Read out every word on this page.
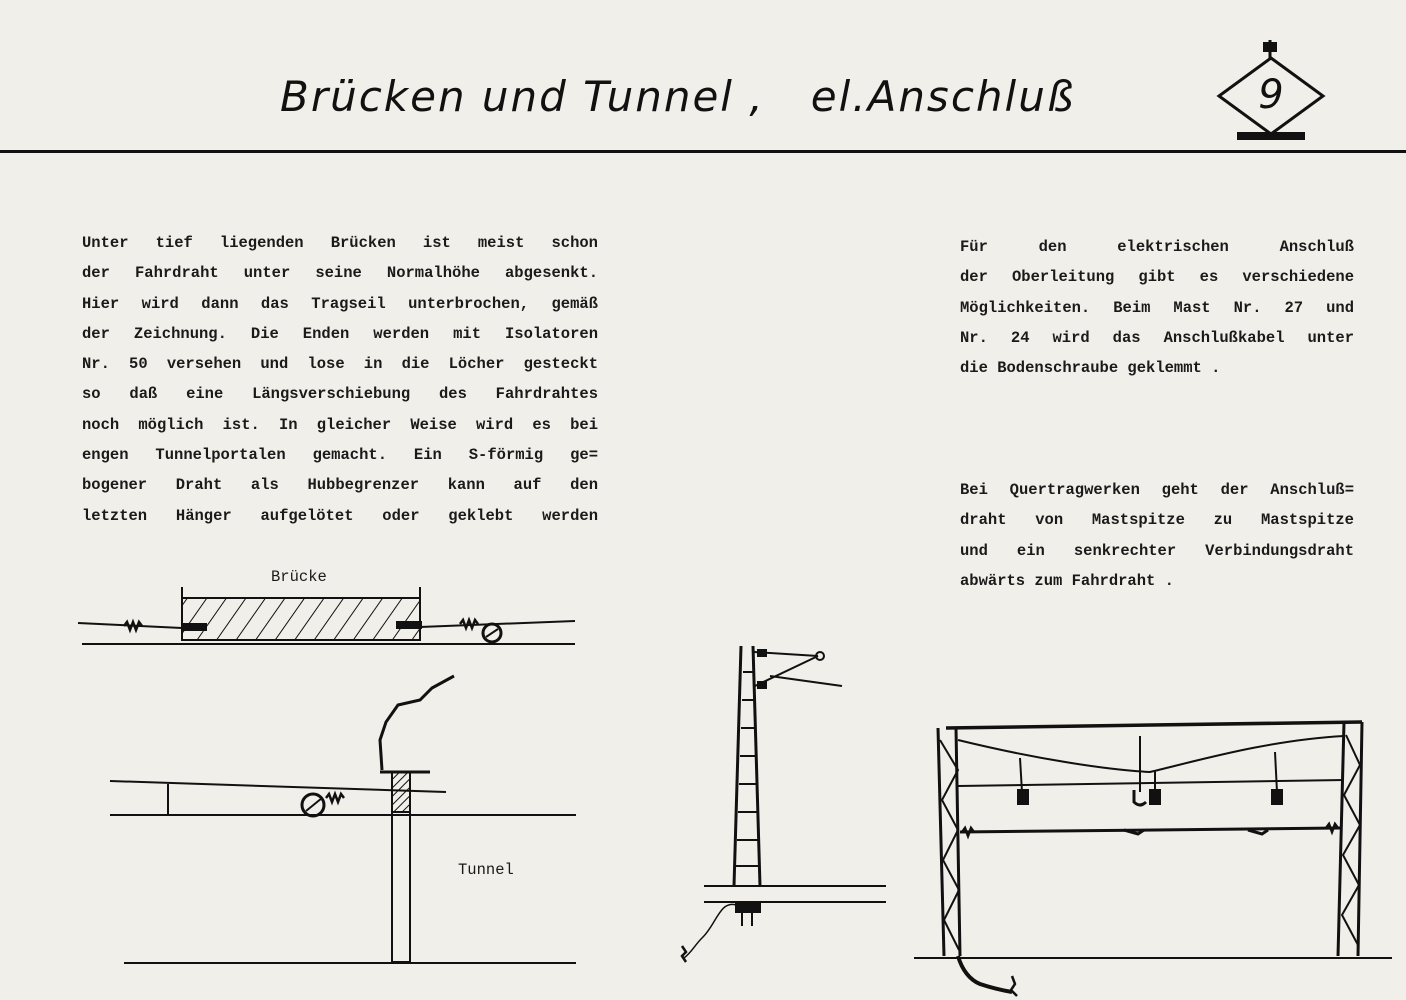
Brücken und Tunnel ,   el.Anschluß	9
Unter tief liegenden Brücken ist meist schon
der Fahrdraht unter seine Normalhöhe abgesenkt.
Hier wird dann das Tragseil unterbrochen, gemäß
der Zeichnung. Die Enden werden mit Isolatoren
Nr. 50 versehen und lose in die Löcher gesteckt
so daß eine Längsverschiebung des Fahrdrahtes
noch möglich ist. In gleicher Weise wird es bei
engen Tunnelportalen gemacht. Ein S-förmig ge=
bogener Draht als Hubbegrenzer kann auf den
letzten Hänger aufgelötet oder geklebt werden
Für den elektrischen Anschluß
der Oberleitung gibt es verschiedene
Möglichkeiten. Beim Mast Nr. 27 und
Nr. 24 wird das Anschlußkabel unter
die Bodenschraube geklemmt .
Bei Quertragwerken geht der Anschluß=
draht von Mastspitze zu Mastspitze
und ein senkrechter Verbindungsdraht
abwärts zum Fahrdraht .
Brücke
Tunnel
